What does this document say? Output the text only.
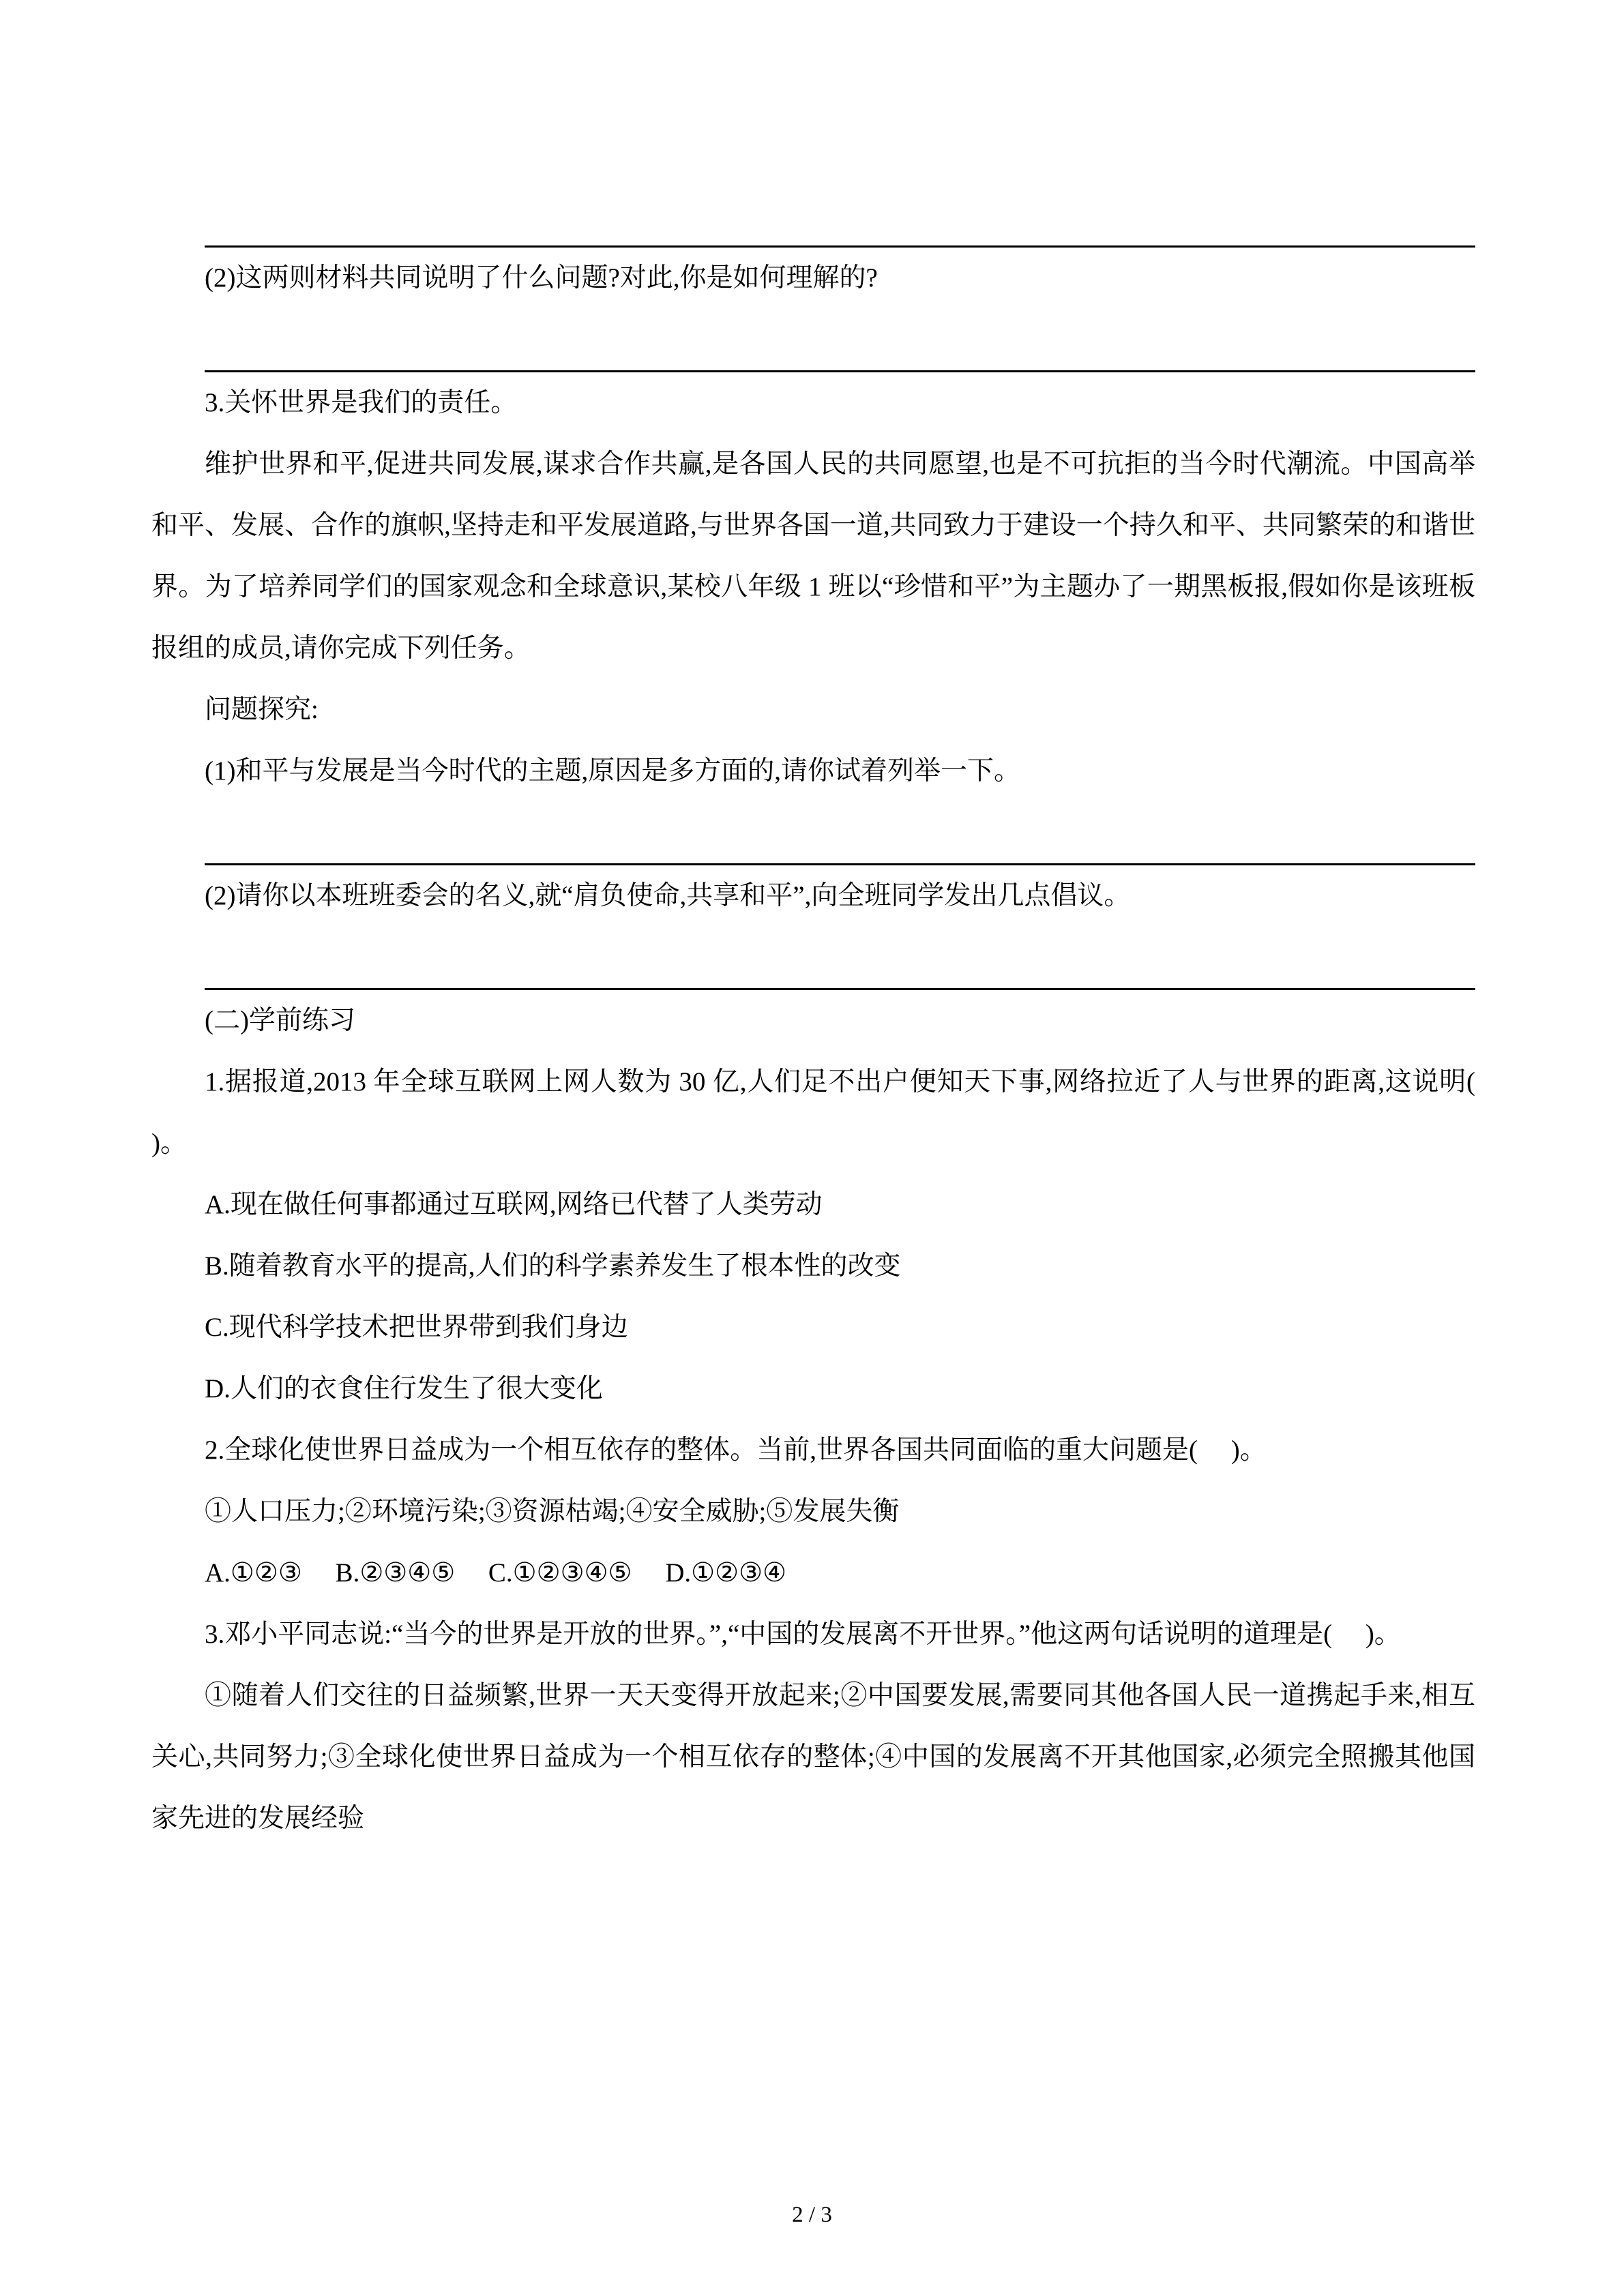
(2)这两则材料共同说明了什么问题?对此,你是如何理解的?

3.关怀世界是我们的责任。

维护世界和平,促进共同发展,谋求合作共赢,是各国人民的共同愿望,也是不可抗拒的当今时代潮流。中国高举和平、发展、合作的旗帜,坚持走和平发展道路,与世界各国一道,共同致力于建设一个持久和平、共同繁荣的和谐世界。为了培养同学们的国家观念和全球意识,某校八年级 1 班以“珍惜和平”为主题办了一期黑板报,假如你是该班板报组的成员,请你完成下列任务。

问题探究:

(1)和平与发展是当今时代的主题,原因是多方面的,请你试着列举一下。

(2)请你以本班班委会的名义,就“肩负使命,共享和平”,向全班同学发出几点倡议。

(二)学前练习

1.据报道,2013 年全球互联网上网人数为 30 亿,人们足不出户便知天下事,网络拉近了人与世界的距离,这说明(     )。

A.现在做任何事都通过互联网,网络已代替了人类劳动

B.随着教育水平的提高,人们的科学素养发生了根本性的改变

C.现代科学技术把世界带到我们身边

D.人们的衣食住行发生了很大变化

2.全球化使世界日益成为一个相互依存的整体。当前,世界各国共同面临的重大问题是(     )。

①人口压力;②环境污染;③资源枯竭;④安全威胁;⑤发展失衡

A.①②③     B.②③④⑤     C.①②③④⑤     D.①②③④

3.邓小平同志说:“当今的世界是开放的世界。”,“中国的发展离不开世界。”他这两句话说明的道理是(     )。

①随着人们交往的日益频繁,世界一天天变得开放起来;②中国要发展,需要同其他各国人民一道携起手来,相互关心,共同努力;③全球化使世界日益成为一个相互依存的整体;④中国的发展离不开其他国家,必须完全照搬其他国家先进的发展经验

2 / 3
